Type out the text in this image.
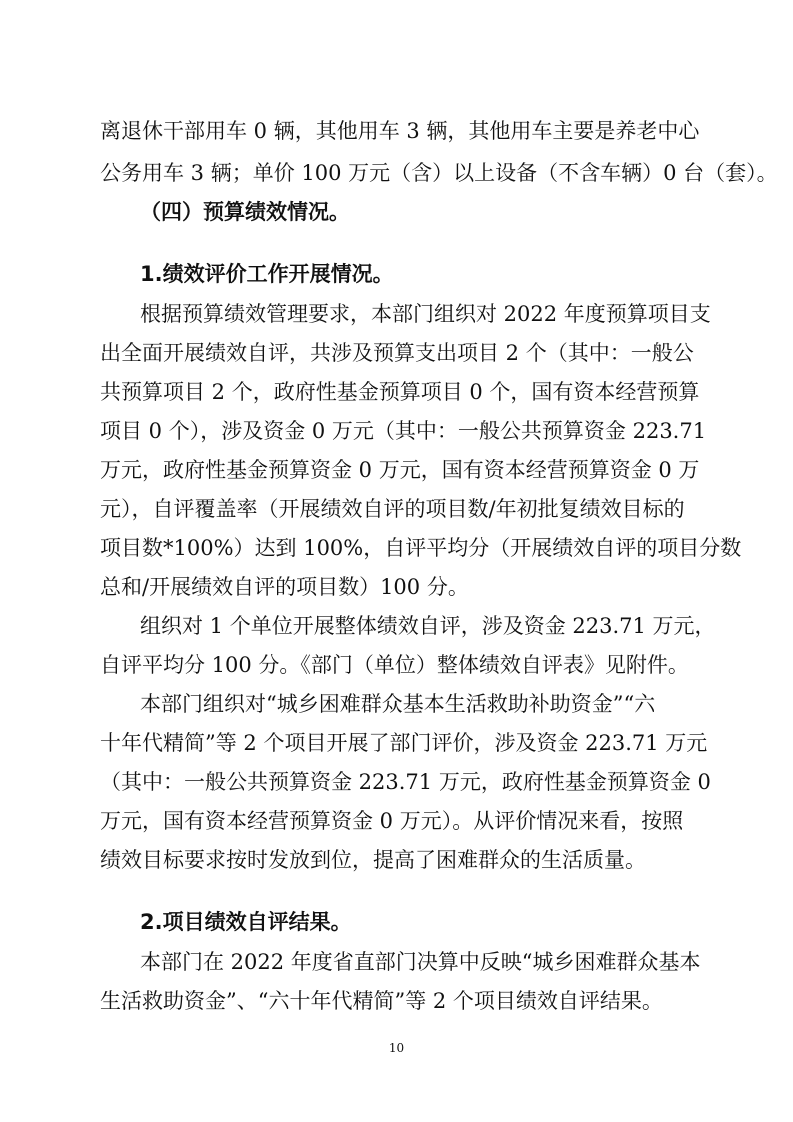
离退休干部用车 0 辆，其他用车 3 辆，其他用车主要是养老中心

公务用车 3 辆；单价 100 万元（含）以上设备（不含车辆）0 台（套）。

（四）预算绩效情况。

1.绩效评价工作开展情况。

根据预算绩效管理要求，本部门组织对 2022 年度预算项目支

出全面开展绩效自评，共涉及预算支出项目 2 个（其中：一般公

共预算项目 2 个，政府性基金预算项目 0 个，国有资本经营预算

项目 0 个），涉及资金 0 万元（其中：一般公共预算资金 223.71

万元，政府性基金预算资金 0 万元，国有资本经营预算资金 0 万

元），自评覆盖率（开展绩效自评的项目数/年初批复绩效目标的

项目数*100%）达到 100%，自评平均分（开展绩效自评的项目分数

总和/开展绩效自评的项目数）100 分。

组织对 1 个单位开展整体绩效自评，涉及资金 223.71 万元，

自评平均分 100 分。《部门（单位）整体绩效自评表》见附件。

本部门组织对“城乡困难群众基本生活救助补助资金”“六

十年代精简”等 2 个项目开展了部门评价，涉及资金 223.71 万元

（其中：一般公共预算资金 223.71 万元，政府性基金预算资金 0

万元，国有资本经营预算资金 0 万元）。从评价情况来看，按照

绩效目标要求按时发放到位，提高了困难群众的生活质量。

2.项目绩效自评结果。

本部门在 2022 年度省直部门决算中反映“城乡困难群众基本

生活救助资金”、“六十年代精简”等 2 个项目绩效自评结果。

10
